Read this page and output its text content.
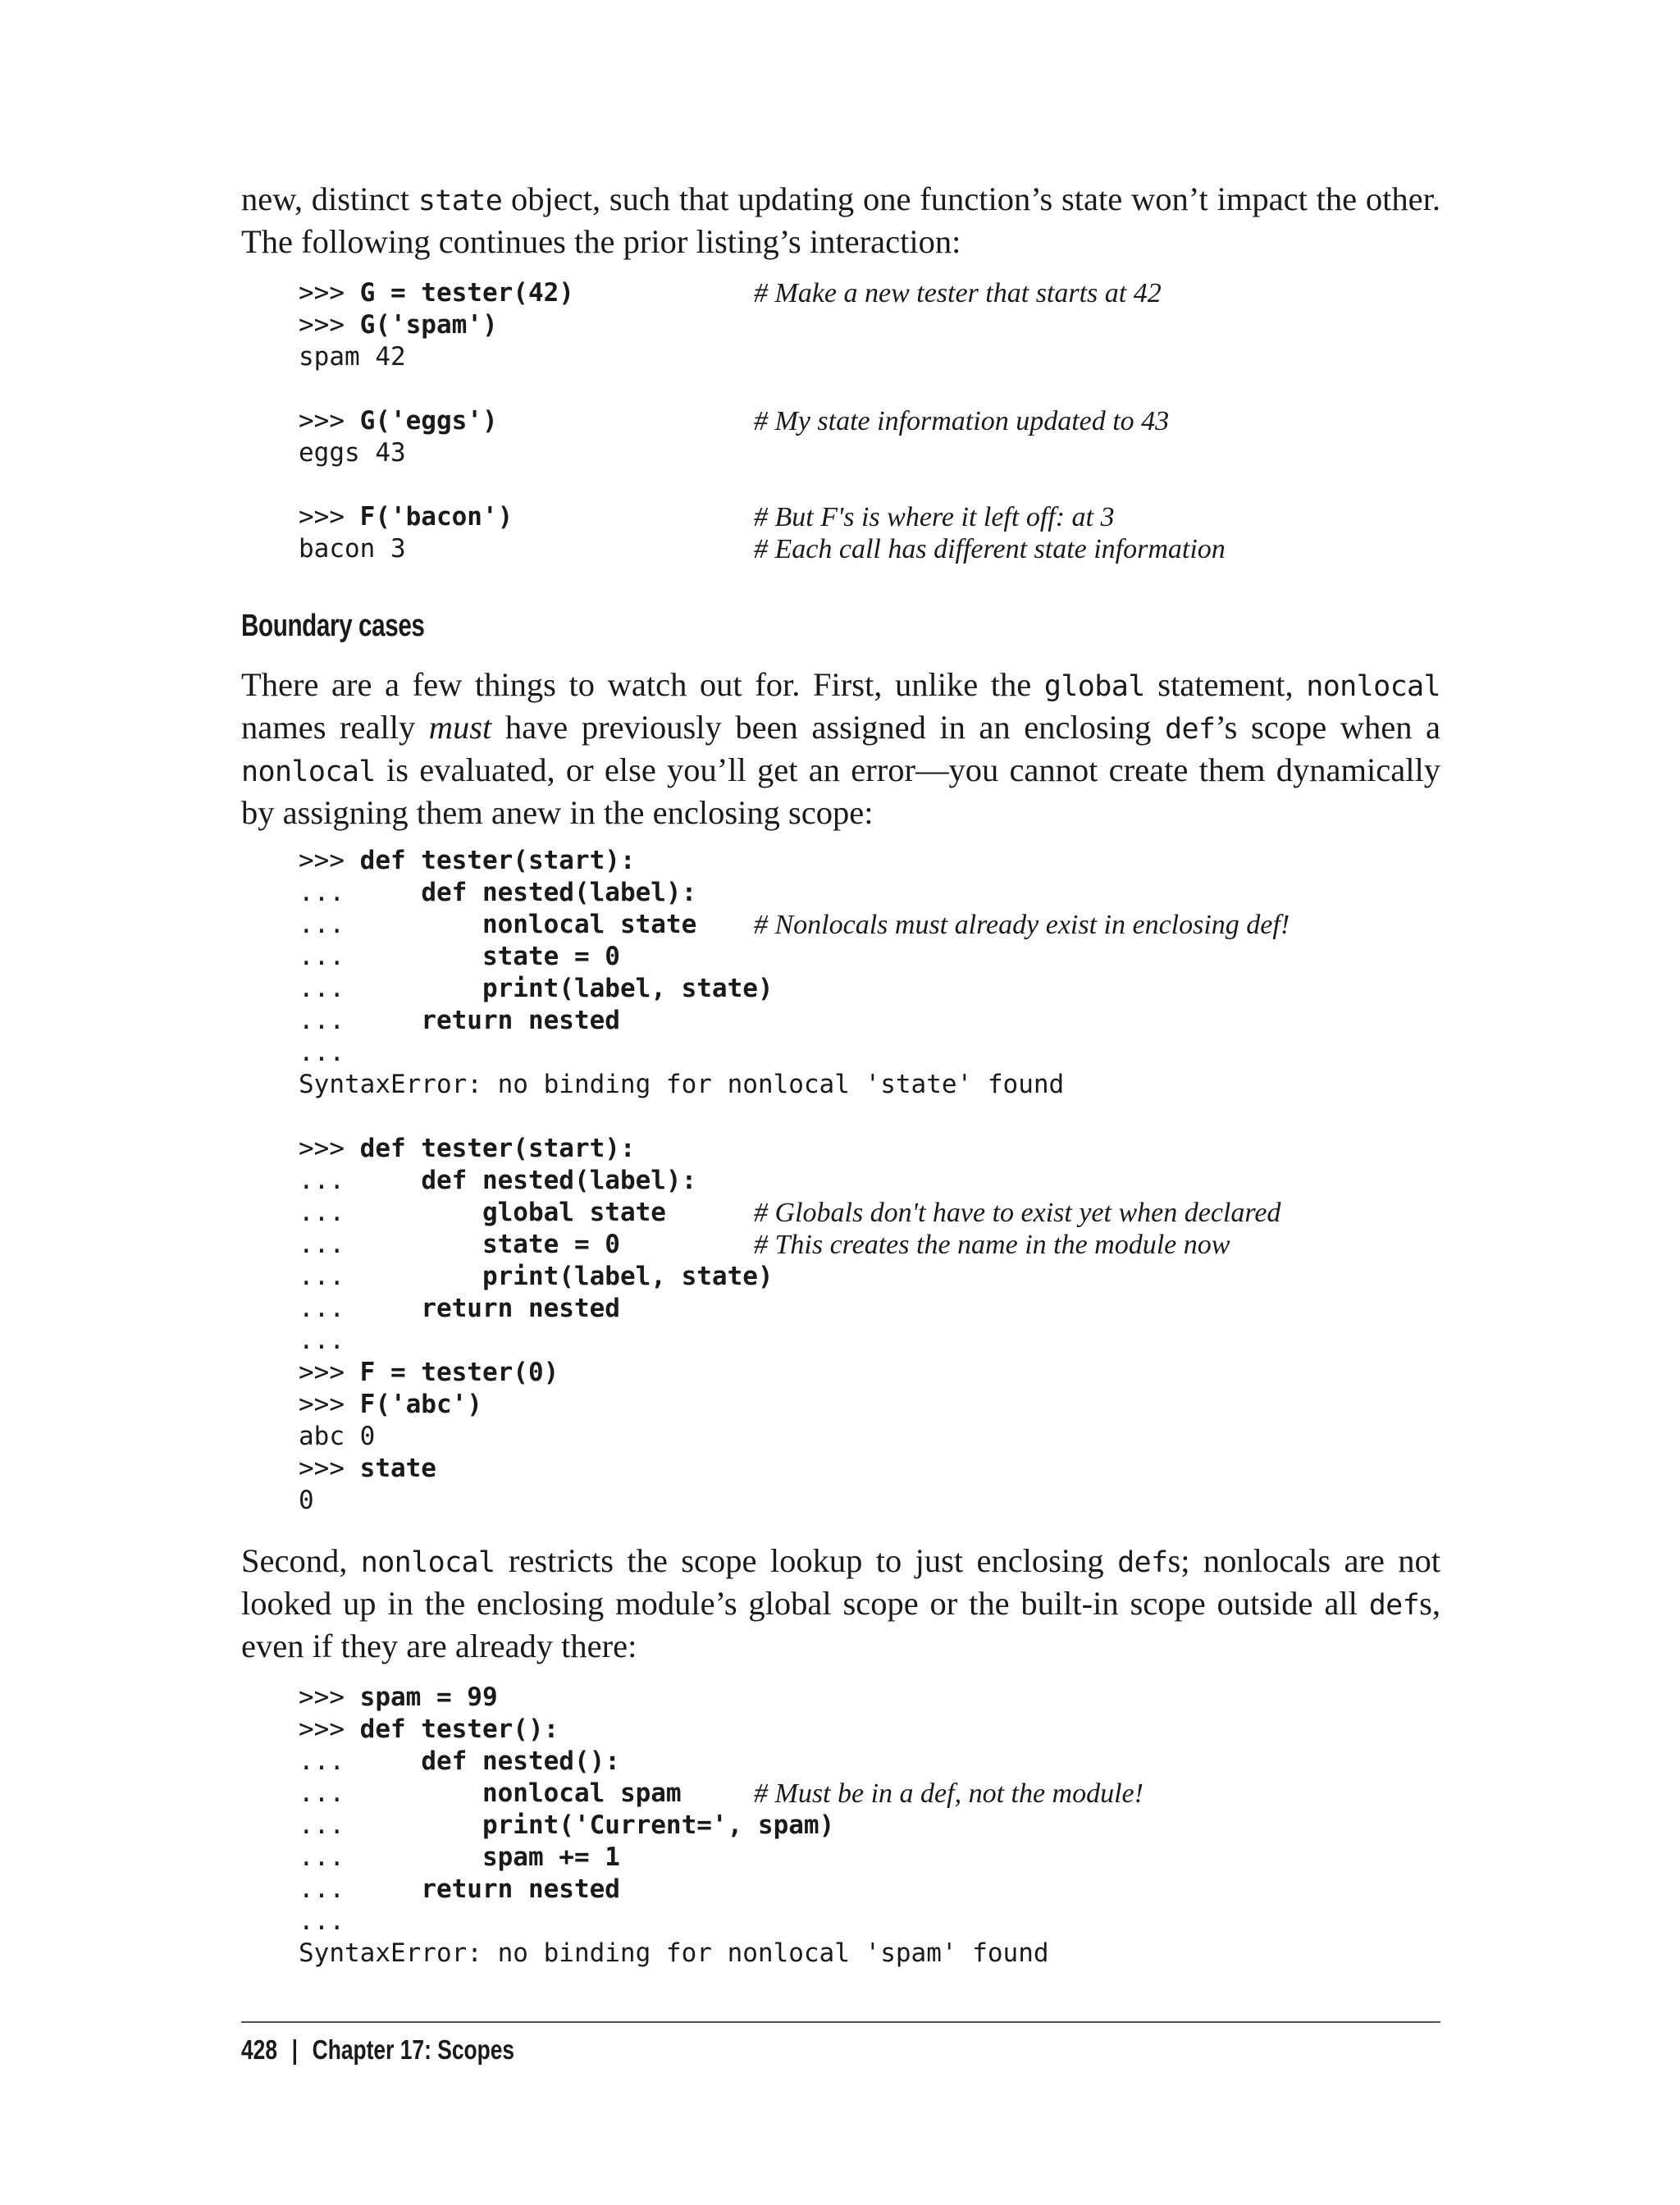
new, distinct state object, such that updating one function’s state won’t impact the other. The following continues the prior listing’s interaction:

>>> G = tester(42)	# Make a new tester that starts at 42
>>> G('spam')
spam 42
>>> G('eggs')	# My state information updated to 43
eggs 43
>>> F('bacon')	# But F's is where it left off: at 3
bacon 3	# Each call has different state information
Boundary cases

There are a few things to watch out for. First, unlike the global statement, nonlocal names really must have previously been assigned in an enclosing def’s scope when a nonlocal is evaluated, or else you’ll get an error—you cannot create them dynamically by assigning them anew in the enclosing scope:

>>> def tester(start):
...     def nested(label):
...         nonlocal state # Nonlocals must already exist in enclosing def!
...         state = 0
...         print(label, state)
...     return nested
...
SyntaxError: no binding for nonlocal 'state' found
>>> def tester(start):
...     def nested(label):
...         global state	# Globals don't have to exist yet when declared
...         state = 0	# This creates the name in the module now
...         print(label, state)
...     return nested
...
>>> F = tester(0)
>>> F('abc')
abc 0
>>> state
0

Second, nonlocal restricts the scope lookup to just enclosing defs; nonlocals are not looked up in the enclosing module’s global scope or the built-in scope outside all defs, even if they are already there:

>>> spam = 99
>>> def tester():
...     def nested():
...         nonlocal spam	# Must be in a def, not the module!
...         print('Current=', spam)
...         spam += 1
...     return nested
...
SyntaxError: no binding for nonlocal 'spam' found
428 | Chapter 17: Scopes
